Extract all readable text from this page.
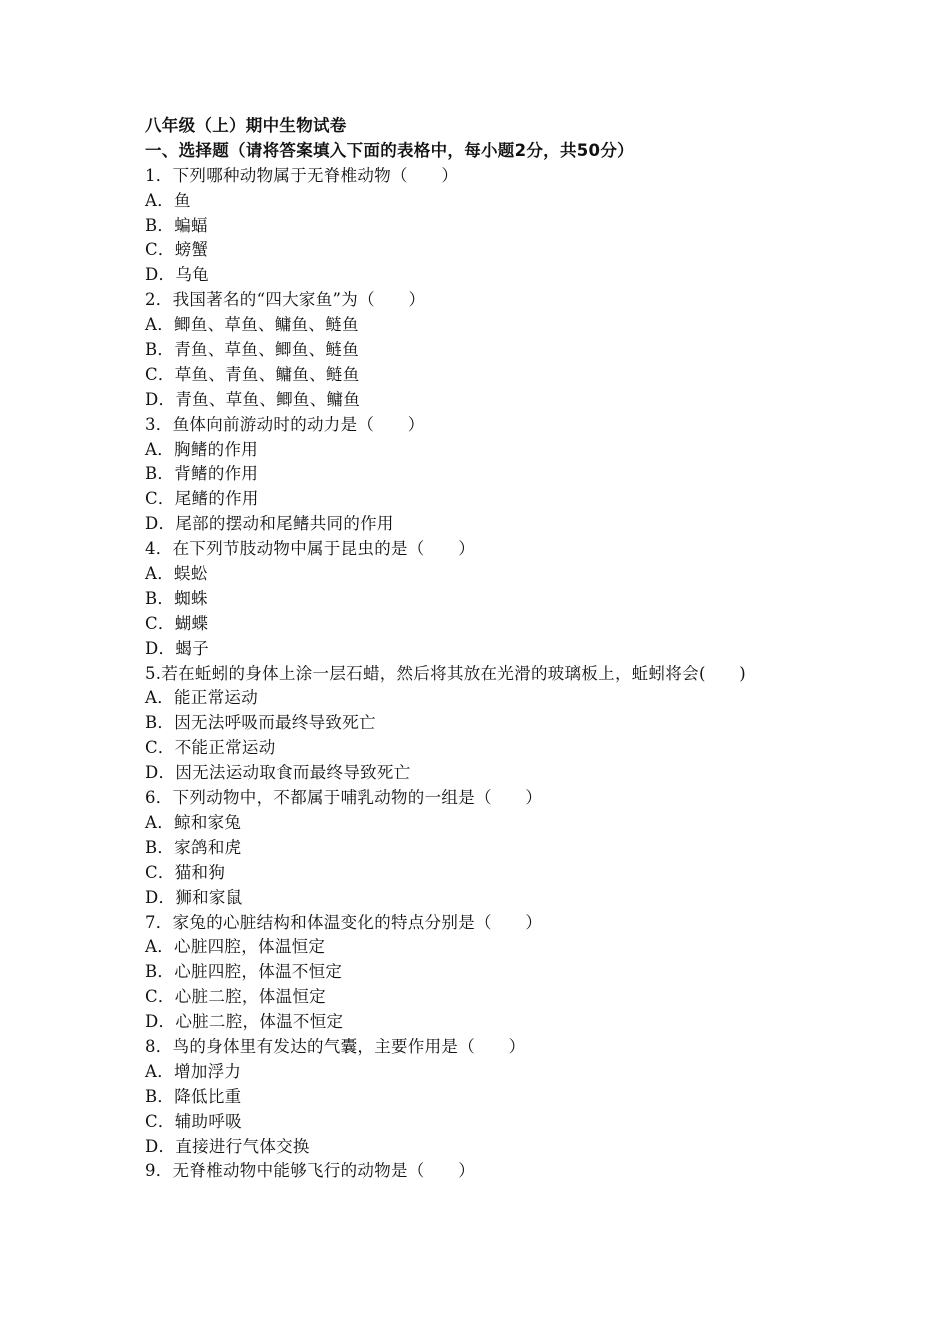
八年级（上）期中生物试卷
一、选择题（请将答案填入下面的表格中，每小题2分，共50分）
1．下列哪种动物属于无脊椎动物（　　）
A．鱼
B．蝙蝠
C．螃蟹
D．乌龟
2．我国著名的“四大家鱼”为（　　）
A．鲫鱼、草鱼、鳙鱼、鲢鱼
B．青鱼、草鱼、鲫鱼、鲢鱼
C．草鱼、青鱼、鳙鱼、鲢鱼
D．青鱼、草鱼、鲫鱼、鳙鱼
3．鱼体向前游动时的动力是（　　）
A．胸鳍的作用
B．背鳍的作用
C．尾鳍的作用
D．尾部的摆动和尾鳍共同的作用
4．在下列节肢动物中属于昆虫的是（　　）
A．蜈蚣
B．蜘蛛
C．蝴蝶
D．蝎子
5.若在蚯蚓的身体上涂一层石蜡，然后将其放在光滑的玻璃板上，蚯蚓将会(　　)
A．能正常运动
B．因无法呼吸而最终导致死亡
C．不能正常运动
D．因无法运动取食而最终导致死亡
6．下列动物中，不都属于哺乳动物的一组是（　　）
A．鲸和家兔
B．家鸽和虎
C．猫和狗
D．狮和家鼠
7．家兔的心脏结构和体温变化的特点分别是（　　）
A．心脏四腔，体温恒定
B．心脏四腔，体温不恒定
C．心脏二腔，体温恒定
D．心脏二腔，体温不恒定
8．鸟的身体里有发达的气囊，主要作用是（　　）
A．增加浮力
B．降低比重
C．辅助呼吸
D．直接进行气体交换
9．无脊椎动物中能够飞行的动物是（　　）
